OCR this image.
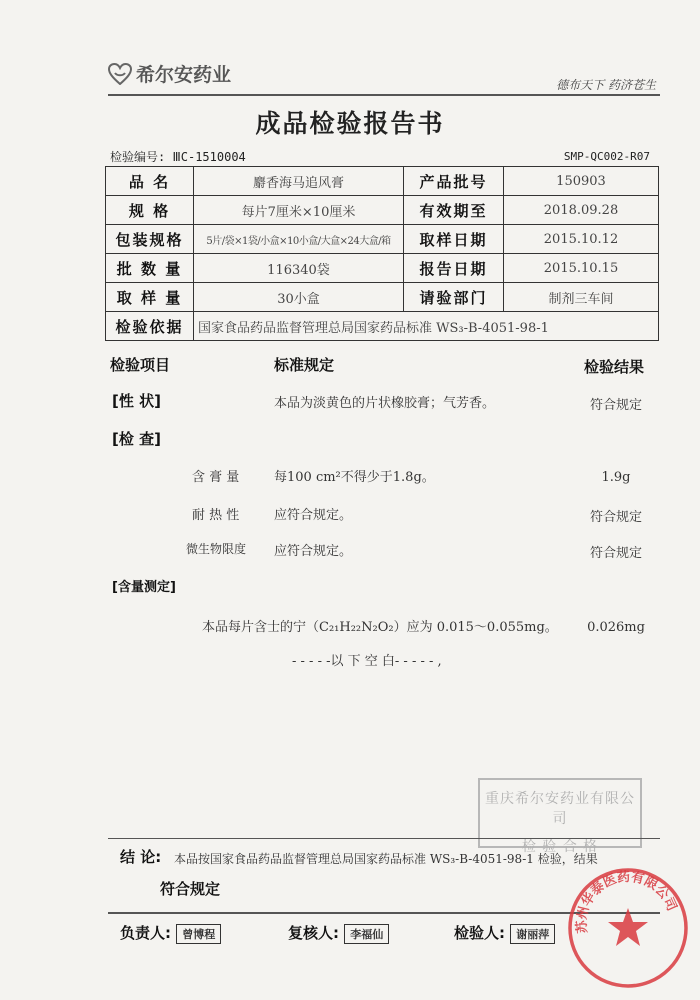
希尔安药业	德布天下 药济苍生
成品检验报告书
检验编号: ⅢC-1510004	SMP-QC002-R07
品 名	麝香海马追风膏	产品批号	150903
规 格	每片7厘米×10厘米	有效期至	2018.09.28
包装规格	5片/袋×1袋/小盒×10小盒/大盒×24大盒/箱	取样日期	2015.10.12
批 数 量	116340袋	报告日期	2015.10.15
取 样 量	30小盒	请验部门	制剂三车间
检验依据	国家食品药品监督管理总局国家药品标准 WS₃-B-4051-98-1		
检验项目	标准规定	检验结果
[性 状]	本品为淡黄色的片状橡胶膏；气芳香。	符合规定
[检 查]
含 膏 量	每100 cm²不得少于1.8g。	1.9g
耐 热 性	应符合规定。	符合规定
微生物限度 应符合规定。	符合规定
[含量测定]
本品每片含士的宁（C₂₁H₂₂N₂O₂）应为 0.015～0.055mg。	0.026mg
- - - - -以 下 空 白- - - - - ,
重庆希尔安药业有限公司
检 验 合 格
结 论: 本品按国家食品药品监督管理总局国家药品标准 WS₃-B-4051-98-1 检验，结果
符合规定
负责人: 曾博程	复核人: 李福仙	检验人: 谢丽萍
苏州华泰医药有限公司
